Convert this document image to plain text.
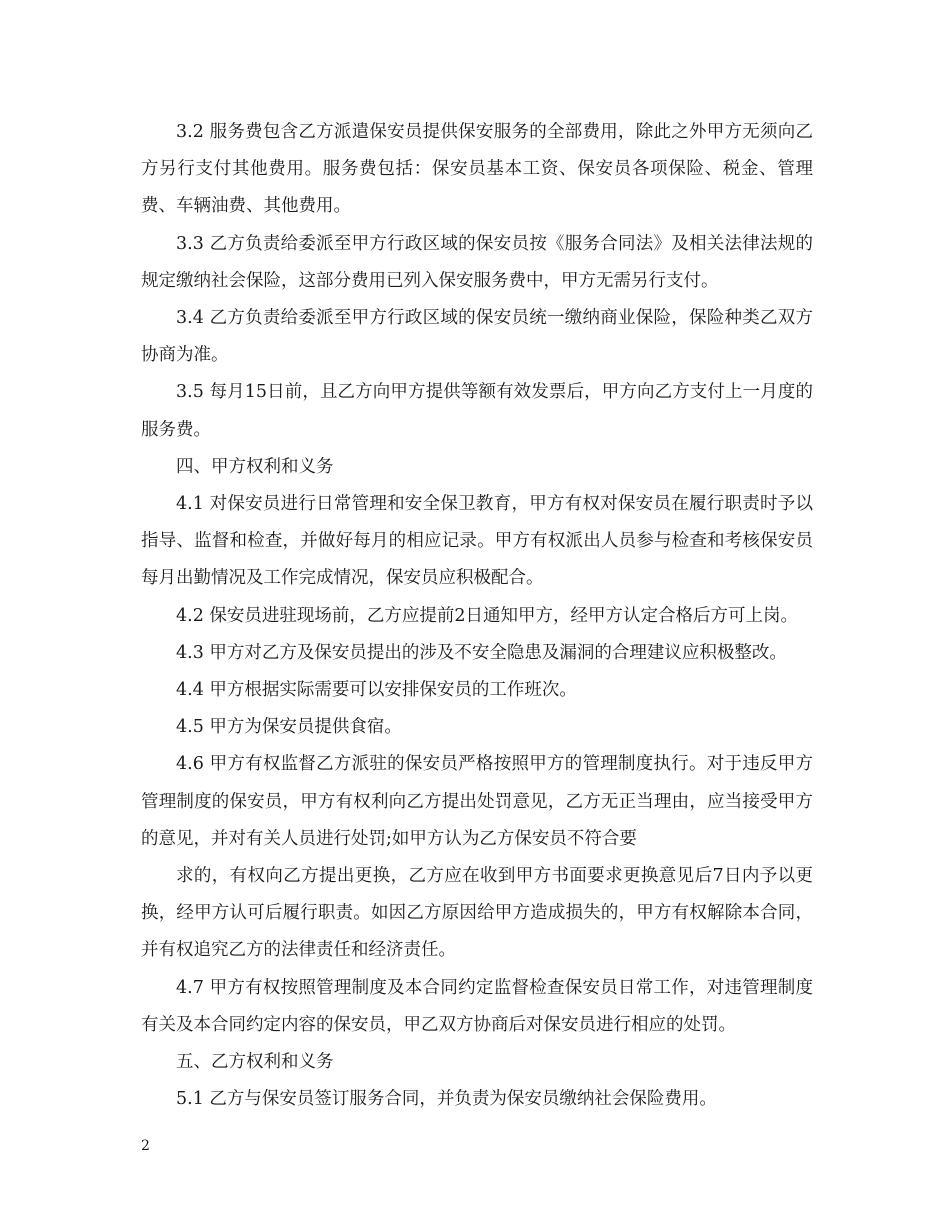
3.2 服务费包含乙方派遣保安员提供保安服务的全部费用，除此之外甲方无须向乙方另行支付其他费用。服务费包括：保安员基本工资、保安员各项保险、税金、管理费、车辆油费、其他费用。

3.3 乙方负责给委派至甲方行政区域的保安员按《服务合同法》及相关法律法规的规定缴纳社会保险，这部分费用已列入保安服务费中，甲方无需另行支付。

3.4 乙方负责给委派至甲方行政区域的保安员统一缴纳商业保险，保险种类乙双方协商为准。

3.5 每月15日前，且乙方向甲方提供等额有效发票后，甲方向乙方支付上一月度的服务费。

四、甲方权利和义务

4.1 对保安员进行日常管理和安全保卫教育，甲方有权对保安员在履行职责时予以指导、监督和检查，并做好每月的相应记录。甲方有权派出人员参与检查和考核保安员每月出勤情况及工作完成情况，保安员应积极配合。

4.2 保安员进驻现场前，乙方应提前2日通知甲方，经甲方认定合格后方可上岗。

4.3 甲方对乙方及保安员提出的涉及不安全隐患及漏洞的合理建议应积极整改。

4.4 甲方根据实际需要可以安排保安员的工作班次。

4.5 甲方为保安员提供食宿。

4.6 甲方有权监督乙方派驻的保安员严格按照甲方的管理制度执行。对于违反甲方管理制度的保安员，甲方有权利向乙方提出处罚意见，乙方无正当理由，应当接受甲方的意见，并对有关人员进行处罚;如甲方认为乙方保安员不符合要

求的，有权向乙方提出更换，乙方应在收到甲方书面要求更换意见后7日内予以更换，经甲方认可后履行职责。如因乙方原因给甲方造成损失的，甲方有权解除本合同，并有权追究乙方的法律责任和经济责任。

4.7 甲方有权按照管理制度及本合同约定监督检查保安员日常工作，对违管理制度有关及本合同约定内容的保安员，甲乙双方协商后对保安员进行相应的处罚。

五、乙方权利和义务

5.1 乙方与保安员签订服务合同，并负责为保安员缴纳社会保险费用。

2
